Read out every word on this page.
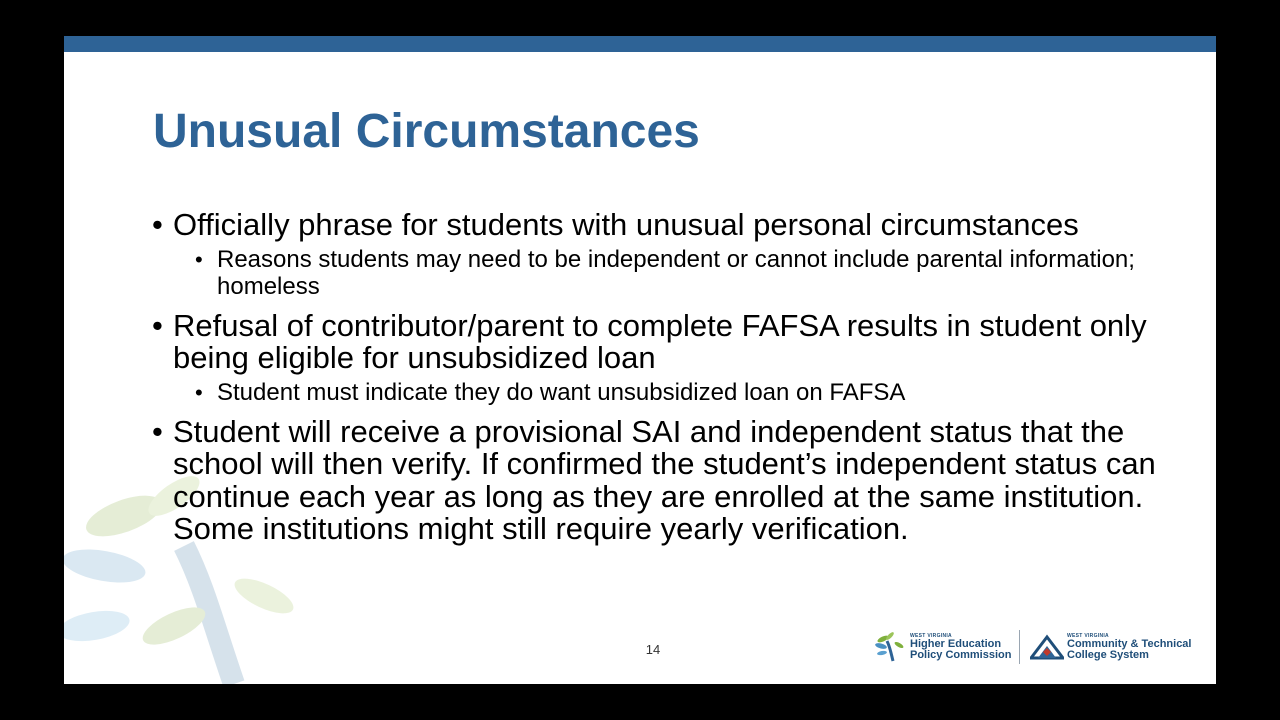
Unusual Circumstances
• Officially phrase for students with unusual personal circumstances
• Reasons students may need to be independent or cannot include parental information; homeless
• Refusal of contributor/parent to complete FAFSA results in student only being eligible for unsubsidized loan
• Student must indicate they do want unsubsidized loan on FAFSA
• Student will receive a provisional SAI and independent status that the school will then verify. If confirmed the student’s independent status can continue each year as long as they are enrolled at the same institution. Some institutions might still require yearly verification.
14
WEST VIRGINIA
Higher Education
Policy Commission
WEST VIRGINIA
Community & Technical
College System
